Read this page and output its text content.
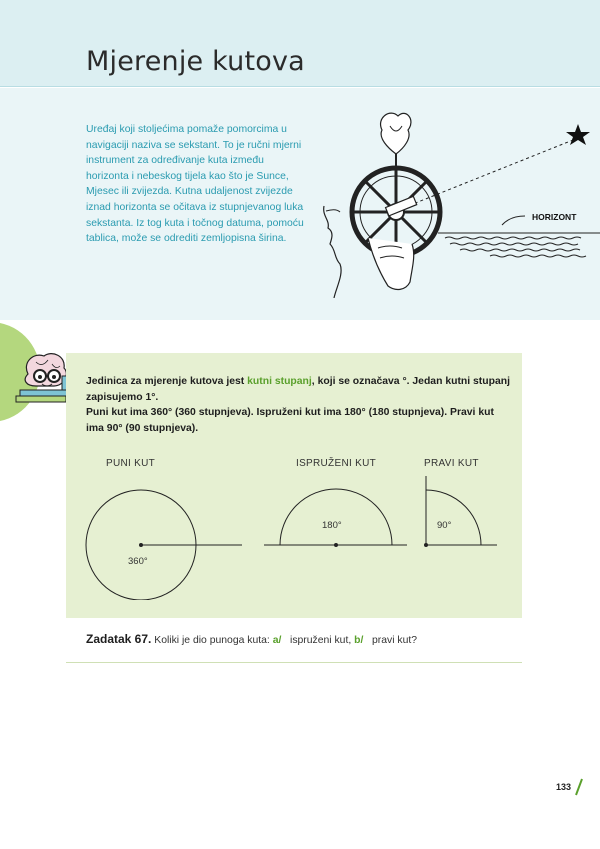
Mjerenje kutova

Uređaj koji stoljećima pomaže pomorcima u navigaciji naziva se sekstant. To je ručni mjerni instrument za određivanje kuta između horizonta i nebeskog tijela kao što je Sunce, Mjesec ili zvijezda. Kutna udaljenost zvijezde iznad horizonta se očitava iz stupnjevanog luka sekstanta. Iz tog kuta i točnog datuma, pomoću tablica, može se odrediti zemljopisna širina.

HORIZONT

Jedinica za mjerenje kutova jest kutni stupanj, koji se označava °. Jedan kutni stupanj
zapisujemo 1°.
Puni kut ima 360° (360 stupnjeva). Ispruženi kut ima 180° (180 stupnjeva). Pravi kut
ima 90° (90 stupnjeva).

PUNI KUT	ISPRUŽENI KUT	PRAVI KUT
360°
180°	90°
Zadatak 67. Koliki je dio punoga kuta: a/   ispruženi kut, b/   pravi kut?
133
